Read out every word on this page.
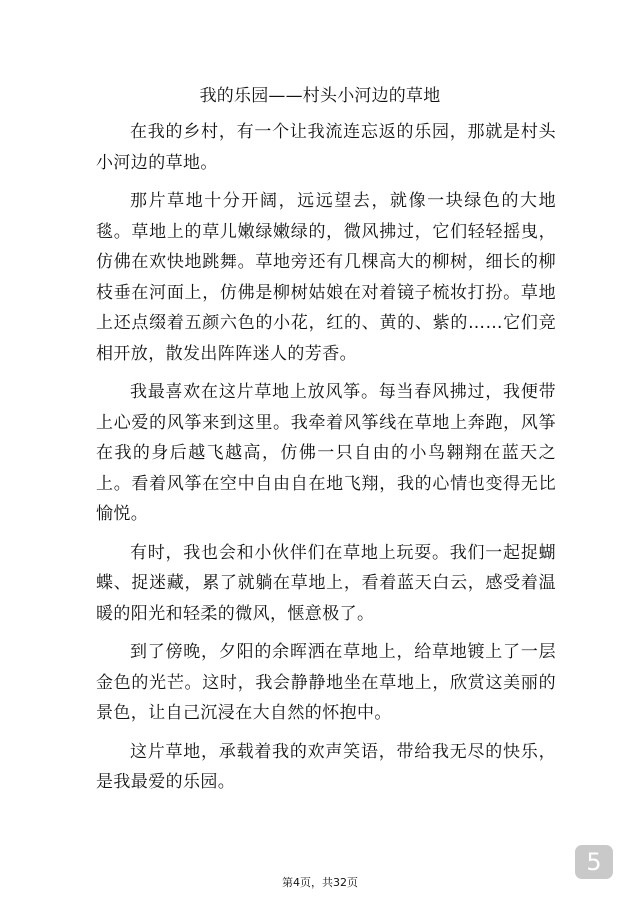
我的乐园——村头小河边的草地

在我的乡村，有一个让我流连忘返的乐园，那就是村头小河边的草地。

那片草地十分开阔，远远望去，就像一块绿色的大地毯。草地上的草儿嫩绿嫩绿的，微风拂过，它们轻轻摇曳，仿佛在欢快地跳舞。草地旁还有几棵高大的柳树，细长的柳枝垂在河面上，仿佛是柳树姑娘在对着镜子梳妆打扮。草地上还点缀着五颜六色的小花，红的、黄的、紫的……它们竞相开放，散发出阵阵迷人的芳香。

我最喜欢在这片草地上放风筝。每当春风拂过，我便带上心爱的风筝来到这里。我牵着风筝线在草地上奔跑，风筝在我的身后越飞越高，仿佛一只自由的小鸟翱翔在蓝天之上。看着风筝在空中自由自在地飞翔，我的心情也变得无比愉悦。

有时，我也会和小伙伴们在草地上玩耍。我们一起捉蝴蝶、捉迷藏，累了就躺在草地上，看着蓝天白云，感受着温暖的阳光和轻柔的微风，惬意极了。

到了傍晚，夕阳的余晖洒在草地上，给草地镀上了一层金色的光芒。这时，我会静静地坐在草地上，欣赏这美丽的景色，让自己沉浸在大自然的怀抱中。

这片草地，承载着我的欢声笑语，带给我无尽的快乐，是我最爱的乐园。

第4页，共32页
5
